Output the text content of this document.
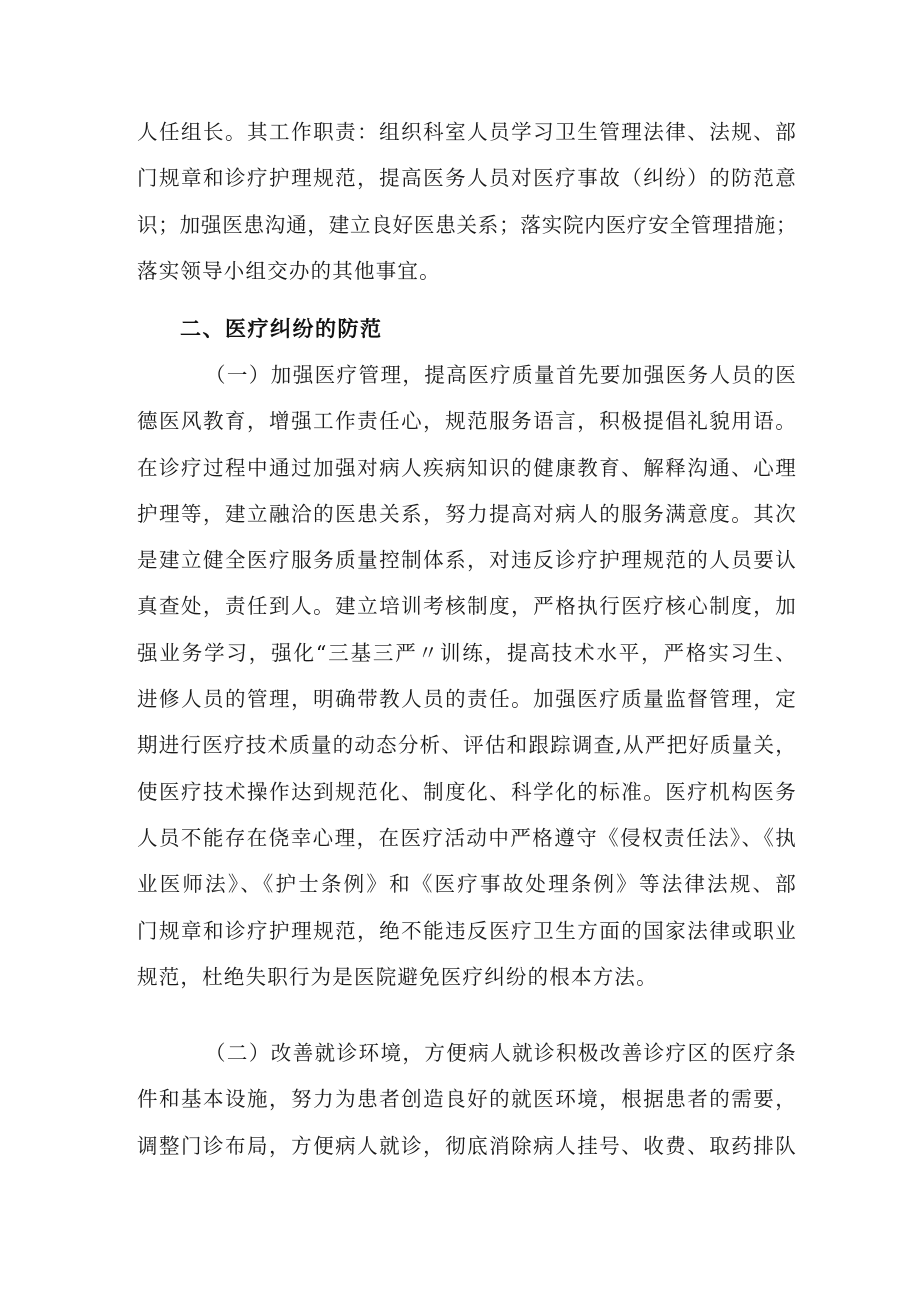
人任组长。其工作职责：组织科室人员学习卫生管理法律、法规、部
门规章和诊疗护理规范，提高医务人员对医疗事故（纠纷）的防范意
识；加强医患沟通，建立良好医患关系；落实院内医疗安全管理措施；
落实领导小组交办的其他事宜。
二、医疗纠纷的防范
（一）加强医疗管理，提高医疗质量首先要加强医务人员的医
德医风教育，增强工作责任心，规范服务语言，积极提倡礼貌用语。
在诊疗过程中通过加强对病人疾病知识的健康教育、解释沟通、心理
护理等，建立融洽的医患关系，努力提高对病人的服务满意度。其次
是建立健全医疗服务质量控制体系，对违反诊疗护理规范的人员要认
真查处，责任到人。建立培训考核制度，严格执行医疗核心制度，加
强业务学习，强化“三基三严〃训练，提高技术水平，严格实习生、
进修人员的管理，明确带教人员的责任。加强医疗质量监督管理，定
期进行医疗技术质量的动态分析、评估和跟踪调查,从严把好质量关，
使医疗技术操作达到规范化、制度化、科学化的标准。医疗机构医务
人员不能存在侥幸心理，在医疗活动中严格遵守《侵权责任法》、《执
业医师法》、《护士条例》和《医疗事故处理条例》等法律法规、部
门规章和诊疗护理规范，绝不能违反医疗卫生方面的国家法律或职业
规范，杜绝失职行为是医院避免医疗纠纷的根本方法。
（二）改善就诊环境，方便病人就诊积极改善诊疗区的医疗条
件和基本设施，努力为患者创造良好的就医环境，根据患者的需要，
调整门诊布局，方便病人就诊，彻底消除病人挂号、收费、取药排队
